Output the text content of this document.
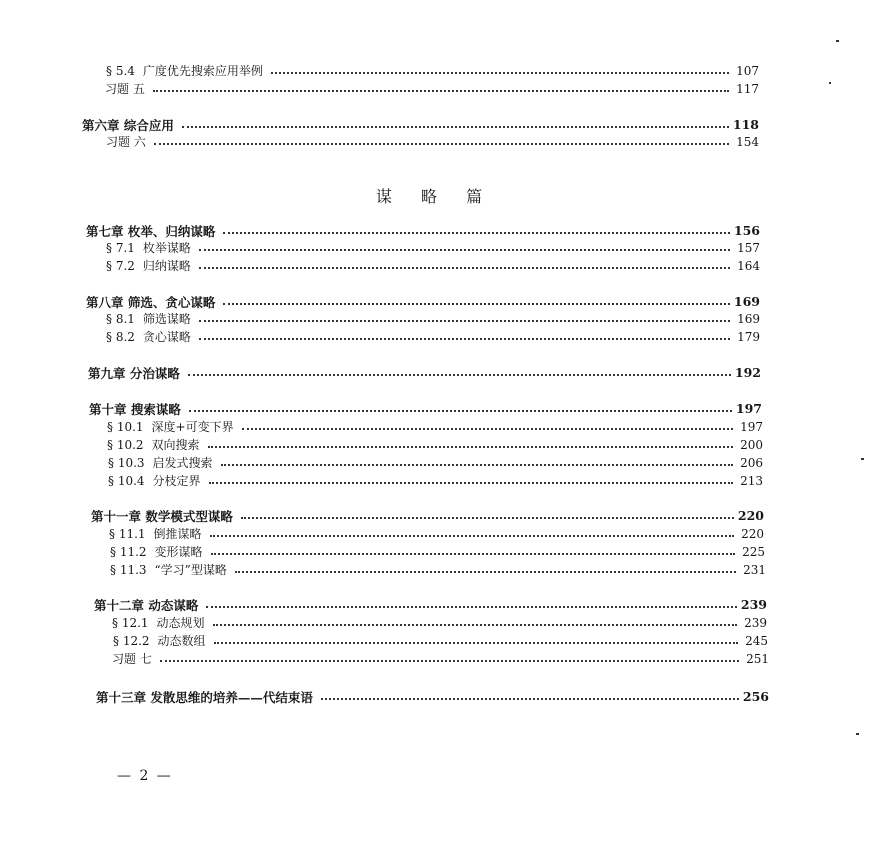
§ 5.4 广度优先搜索应用举例	107
习题 五	117
第六章 综合应用	118
习题 六	154
谋 略 篇
第七章 枚举、归纳谋略	156
§ 7.1 枚举谋略	157
§ 7.2 归纳谋略	164
第八章 筛选、贪心谋略	169
§ 8.1 筛选谋略	169
§ 8.2 贪心谋略	179
第九章 分治谋略	192
第十章 搜索谋略	197
§ 10.1 深度+可变下界	197
§ 10.2 双向搜索	200
§ 10.3 启发式搜索	206
§ 10.4 分枝定界	213
第十一章 数学模式型谋略	220
§ 11.1 倒推谋略	220
§ 11.2 变形谋略	225
§ 11.3 “学习”型谋略	231
第十二章 动态谋略	239
§ 12.1 动态规划	239
§ 12.2 动态数组	245
习题 七	251
第十三章 发散思维的培养——代结束语	256
— 2 —
